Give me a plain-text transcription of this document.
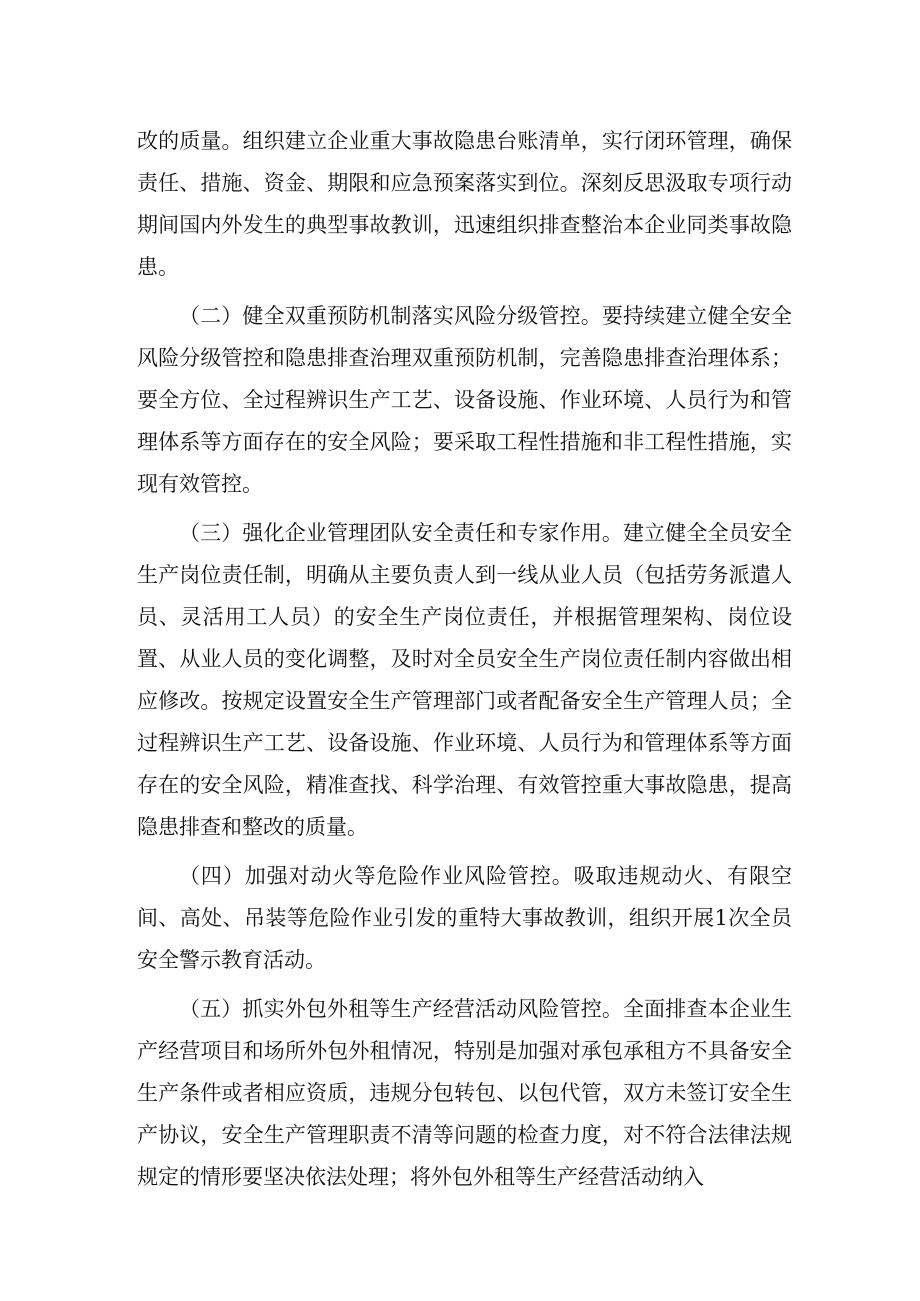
改的质量。组织建立企业重大事故隐患台账清单，实行闭环管理，确保责任、措施、资金、期限和应急预案落实到位。深刻反思汲取专项行动期间国内外发生的典型事故教训，迅速组织排查整治本企业同类事故隐患。

（二）健全双重预防机制落实风险分级管控。要持续建立健全安全风险分级管控和隐患排查治理双重预防机制，完善隐患排查治理体系；要全方位、全过程辨识生产工艺、设备设施、作业环境、人员行为和管理体系等方面存在的安全风险；要采取工程性措施和非工程性措施，实现有效管控。

（三）强化企业管理团队安全责任和专家作用。建立健全全员安全生产岗位责任制，明确从主要负责人到一线从业人员（包括劳务派遣人员、灵活用工人员）的安全生产岗位责任，并根据管理架构、岗位设置、从业人员的变化调整，及时对全员安全生产岗位责任制内容做出相应修改。按规定设置安全生产管理部门或者配备安全生产管理人员；全过程辨识生产工艺、设备设施、作业环境、人员行为和管理体系等方面存在的安全风险，精准查找、科学治理、有效管控重大事故隐患，提高隐患排查和整改的质量。

（四）加强对动火等危险作业风险管控。吸取违规动火、有限空间、高处、吊装等危险作业引发的重特大事故教训，组织开展1次全员安全警示教育活动。

（五）抓实外包外租等生产经营活动风险管控。全面排查本企业生产经营项目和场所外包外租情况，特别是加强对承包承租方不具备安全生产条件或者相应资质，违规分包转包、以包代管，双方未签订安全生产协议，安全生产管理职责不清等问题的检查力度，对不符合法律法规规定的情形要坚决依法处理；将外包外租等生产经营活动纳入
